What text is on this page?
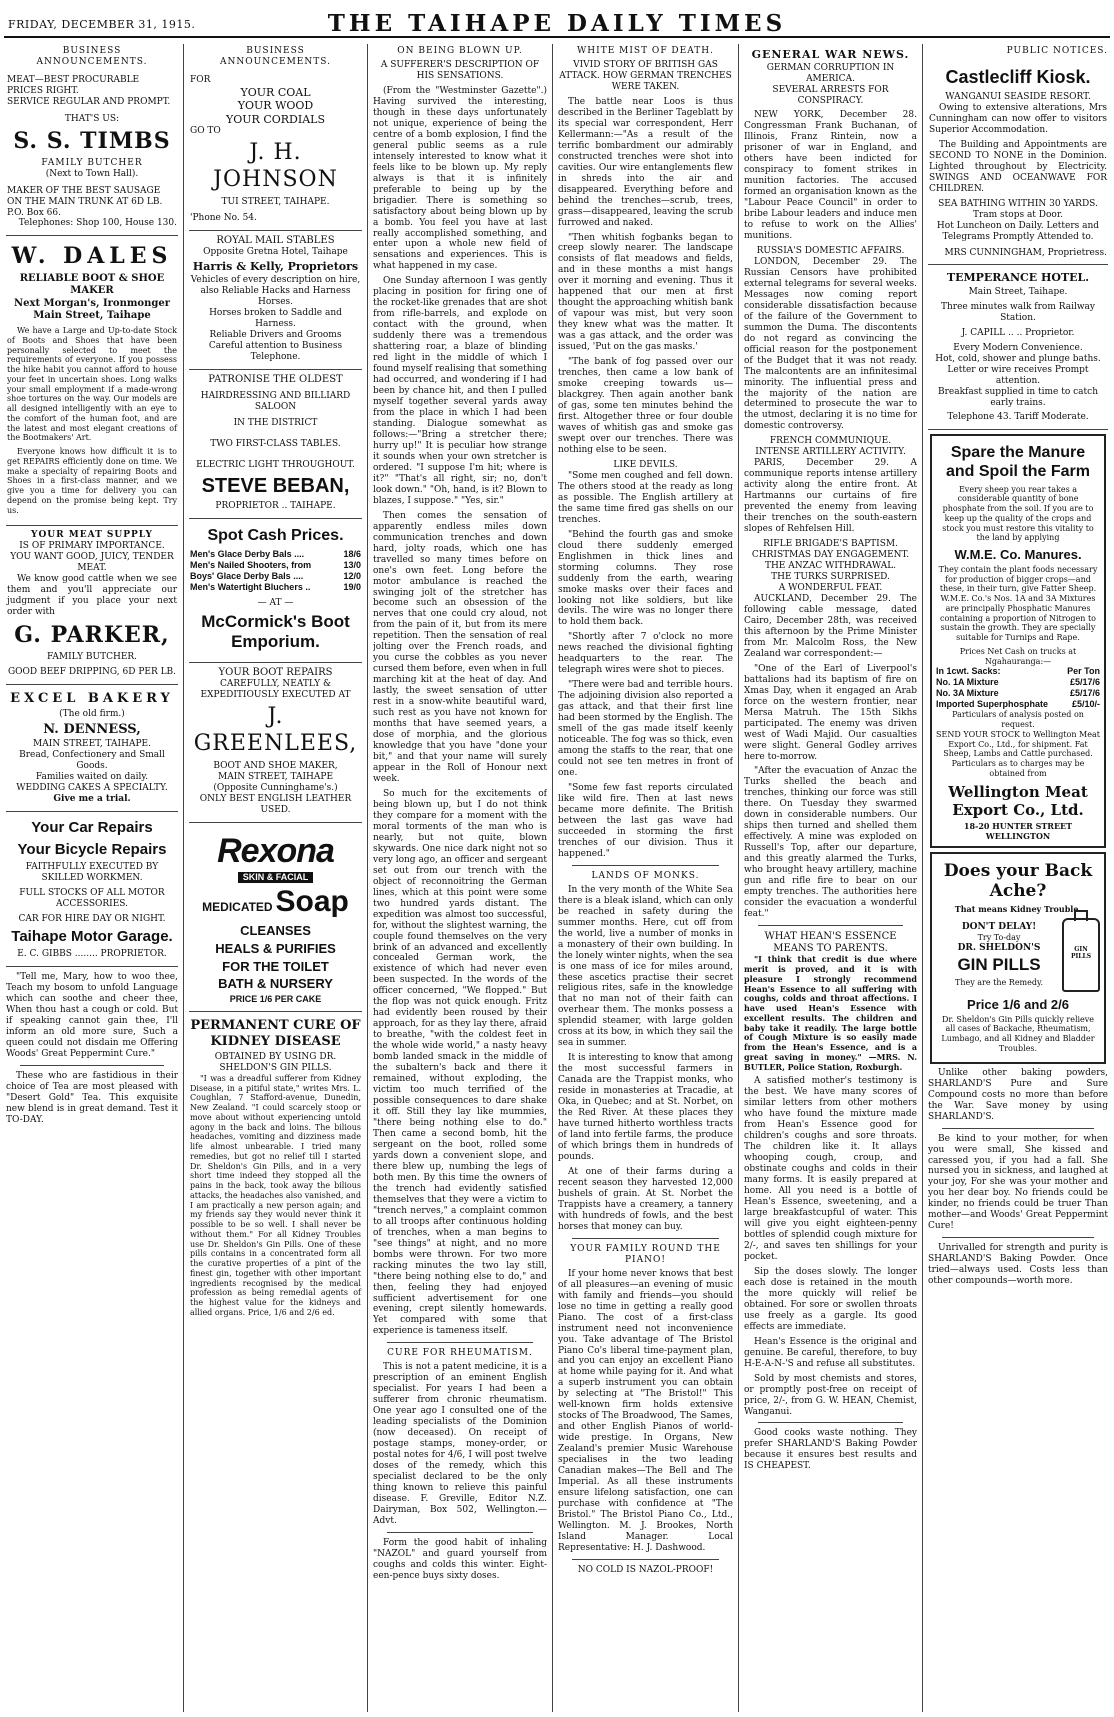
FRIDAY, DECEMBER 31, 1915.	THE TAIHAPE DAILY TIMES
BUSINESS ANNOUNCEMENTS.
MEAT—BEST PROCURABLE
PRICES RIGHT.
SERVICE REGULAR AND PROMPT.
THAT'S US:
S. S. TIMBS
FAMILY BUTCHER
(Next to Town Hall).
MAKER OF THE BEST SAUSAGE ON THE MAIN TRUNK AT 6D LB.
P.O. Box 66.
Telephones: Shop 100, House 130.
W. DALES
RELIABLE BOOT & SHOE MAKER
Next Morgan's, Ironmonger
Main Street, Taihape

We have a Large and Up-to-date Stock of Boots and Shoes that have been personally selected to meet the requirements of everyone. If you possess the hike habit you cannot afford to house your feet in uncertain shoes. Long walks your small employment if a made-wrong shoe tortures on the way. Our models are all designed intelligently with an eye to the comfort of the human foot, and are the latest and most elegant creations of the Bootmakers' Art.

Everyone knows how difficult it is to get REPAIRS efficiently done on time. We make a specialty of repairing Boots and Shoes in a first-class manner, and we give you a time for delivery you can depend on the promise being kept. Try us.

YOUR MEAT SUPPLY
IS OF PRIMARY IMPORTANCE.
YOU WANT GOOD, JUICY, TENDER MEAT.

We know good cattle when we see them and you'll appreciate our judgment if you place your next order with

G. PARKER,
FAMILY BUTCHER.
GOOD BEEF DRIPPING, 6D PER LB.
EXCEL BAKERY
(The old firm.)
N. DENNESS,
MAIN STREET, TAIHAPE.
Bread, Confectionery and Small Goods.
Families waited on daily.
WEDDING CAKES A SPECIALTY.
Give me a trial.
Your Car Repairs
Your Bicycle Repairs
FAITHFULLY EXECUTED BY SKILLED WORKMEN.
FULL STOCKS OF ALL MOTOR ACCESSORIES.
CAR FOR HIRE DAY OR NIGHT.
Taihape Motor Garage.
E. C. GIBBS ........ PROPRIETOR.

"Tell me, Mary, how to woo thee, Teach my bosom to unfold Language which can soothe and cheer thee, When thou hast a cough or cold. But if speaking cannot gain thee, I'll inform an old more sure, Such a queen could not disdain me Offering Woods' Great Peppermint Cure."

These who are fastidious in their choice of Tea are most pleased with "Desert Gold" Tea. This exquisite new blend is in great demand. Test it TO-DAY.

BUSINESS ANNOUNCEMENTS.
FOR
YOUR COAL
YOUR WOOD
YOUR CORDIALS
GO TO
J. H. JOHNSON
TUI STREET, TAIHAPE.
'Phone No. 54.
ROYAL MAIL STABLES
Opposite Gretna Hotel, Taihape
Harris & Kelly, Proprietors
Vehicles of every description on hire, also Reliable Hacks and Harness Horses.
Horses broken to Saddle and Harness.
Reliable Drivers and Grooms
Careful attention to Business Telephone.
PATRONISE THE OLDEST
HAIRDRESSING AND BILLIARD SALOON
IN THE DISTRICT
TWO FIRST-CLASS TABLES.
ELECTRIC LIGHT THROUGHOUT.
STEVE BEBAN,
PROPRIETOR .. TAIHAPE.
Spot Cash Prices.
Men's Glace Derby Bals ....	18/6
Men's Nailed Shooters, from	13/0
Boys' Glace Derby Bals ....	12/0
Men's Watertight Bluchers ..	19/0
— AT —
McCormick's Boot Emporium.
YOUR BOOT REPAIRS
CAREFULLY, NEATLY & EXPEDITIOUSLY EXECUTED AT
J. GREENLEES,
BOOT AND SHOE MAKER,
MAIN STREET, TAIHAPE
(Opposite Cunninghame's.)
ONLY BEST ENGLISH LEATHER USED.
Rexona
SKIN & FACIAL
MEDICATED Soap
CLEANSES
HEALS & PURIFIES
FOR THE TOILET
BATH & NURSERY
PRICE 1/6 PER CAKE
PERMANENT CURE OF KIDNEY DISEASE
OBTAINED BY USING DR. SHELDON'S GIN PILLS.

"I was a dreadful sufferer from Kidney Disease, in a pitiful state," writes Mrs. L. Coughlan, 7 Stafford-avenue, Dunedin, New Zealand. "I could scarcely stoop or move about without experiencing untold agony in the back and loins. The bilious headaches, vomiting and dizziness made life almost unbearable. I tried many remedies, but got no relief till I started Dr. Sheldon's Gin Pills, and in a very short time indeed they stopped all the pains in the back, took away the bilious attacks, the headaches also vanished, and I am practically a new person again; and my friends say they would never think it possible to be so well. I shall never be without them." For all Kidney Troubles use Dr. Sheldon's Gin Pills. One of these pills contains in a concentrated form all the curative properties of a pint of the finest gin, together with other important ingredients recognised by the medical profession as being remedial agents of the highest value for the kidneys and allied organs. Price, 1/6 and 2/6 ed.

ON BEING BLOWN UP.
A SUFFERER'S DESCRIPTION OF HIS SENSATIONS.

(From the "Westminster Gazette".) Having survived the interesting, though in these days unfortunately not unique, experience of being the centre of a bomb explosion, I find the general public seems as a rule intensely interested to know what it feels like to be blown up. My reply always is that it is infinitely preferable to being up by the brigadier. There is something so satisfactory about being blown up by a bomb. You feel you have at last really accomplished something, and enter upon a whole new field of sensations and experiences. This is what happened in my case.

One Sunday afternoon I was gently placing in position for firing one of the rocket-like grenades that are shot from rifle-barrels, and explode on contact with the ground, when suddenly there was a tremendous shattering roar, a blaze of blinding red light in the middle of which I found myself realising that something had occurred, and wondering if I had been by chance hit, and then I pulled myself together several yards away from the place in which I had been standing. Dialogue somewhat as follows:—"Bring a stretcher there; hurry up!" It is peculiar how strange it sounds when your own stretcher is ordered. "I suppose I'm hit; where is it?" "That's all right, sir; no, don't look down." "Oh, hand, is it? Blown to blazes, I suppose." "Yes, sir."

Then comes the sensation of apparently endless miles down communication trenches and down hard, jolty roads, which one has travelled so many times before on one's own feet. Long before the motor ambulance is reached the swinging jolt of the stretcher has become such an obsession of the nerves that one could cry aloud, not from the pain of it, but from its mere repetition. Then the sensation of real jolting over the French roads, and you curse the cobbles as you never cursed them before, even when in full marching kit at the heat of day. And lastly, the sweet sensation of utter rest in a snow-white beautiful ward, such rest as you have not known for months that have seemed years, a dose of morphia, and the glorious knowledge that you have "done your bit," and that your name will surely appear in the Roll of Honour next week.

So much for the excitements of being blown up, but I do not think they compare for a moment with the moral torments of the man who is nearly, but not quite, blown skywards. One nice dark night not so very long ago, an officer and sergeant set out from our trench with the object of reconnoitring the German lines, which at this point were some two hundred yards distant. The expedition was almost too successful, for, without the slightest warning, the couple found themselves on the very brink of an advanced and excellently concealed German work, the existence of which had never even been suspected. In the words of the officer concerned, "We flopped." But the flop was not quick enough. Fritz had evidently been roused by their approach, for as they lay there, afraid to breathe, "with the coldest feet in the whole wide world," a nasty heavy bomb landed smack in the middle of the subaltern's back and there it remained, without exploding, the victim too much terrified of the possible consequences to dare shake it off. Still they lay like mummies, "there being nothing else to do." Then came a second bomb, hit the sergeant on the boot, rolled some yards down a convenient slope, and there blew up, numbing the legs of both men. By this time the owners of the trench had evidently satisfied themselves that they were a victim to "trench nerves," a complaint common to all troops after continuous holding of trenches, when a man begins to "see things" at night, and no more bombs were thrown. For two more racking minutes the two lay still, "there being nothing else to do," and then, feeling they had enjoyed sufficient advertisement for one evening, crept silently homewards. Yet compared with some that experience is tameness itself.

CURE FOR RHEUMATISM.

This is not a patent medicine, it is a prescription of an eminent English specialist. For years I had been a sufferer from chronic rheumatism. One year ago I consulted one of the leading specialists of the Dominion (now deceased). On receipt of postage stamps, money-order, or postal notes for 4/6, I will post twelve doses of the remedy, which this specialist declared to be the only thing known to relieve this painful disease. F. Greville, Editor N.Z. Dairyman, Box 502, Wellington.—Advt.

Form the good habit of inhaling "NAZOL" and guard yourself from coughs and colds this winter. Eight-een-pence buys sixty doses.

WHITE MIST OF DEATH.
VIVID STORY OF BRITISH GAS ATTACK. HOW GERMAN TRENCHES WERE TAKEN.

The battle near Loos is thus described in the Berliner Tageblatt by its special war correspondent, Herr Kellermann:—"As a result of the terrific bombardment our admirably constructed trenches were shot into cavities. Our wire entanglements flew in shreds into the air and disappeared. Everything before and behind the trenches—scrub, trees, grass—disappeared, leaving the scrub furrowed and naked.

"Then whitish fogbanks began to creep slowly nearer. The landscape consists of flat meadows and fields, and in these months a mist hangs over it morning and evening. Thus it happened that our men at first thought the approaching whitish bank of vapour was mist, but very soon they knew what was the matter. It was a gas attack, and the order was issued, 'Put on the gas masks.'

"The bank of fog passed over our trenches, then came a low bank of smoke creeping towards us—blackgrey. Then again another bank of gas, some ten minutes behind the first. Altogether three or four double waves of whitish gas and smoke gas swept over our trenches. There was nothing else to be seen.

LIKE DEVILS.

"Some men coughed and fell down. The others stood at the ready as long as possible. The English artillery at the same time fired gas shells on our trenches.

"Behind the fourth gas and smoke cloud there suddenly emerged Englishmen in thick lines and storming columns. They rose suddenly from the earth, wearing smoke masks over their faces and looking not like soldiers, but like devils. The wire was no longer there to hold them back.

"Shortly after 7 o'clock no more news reached the divisional fighting headquarters to the rear. The telegraph wires were shot to pieces.

"There were bad and terrible hours. The adjoining division also reported a gas attack, and that their first line had been stormed by the English. The smell of the gas made itself keenly noticeable. The fog was so thick, even among the staffs to the rear, that one could not see ten metres in front of one.

"Some few fast reports circulated like wild fire. Then at last news became more definite. The British between the last gas wave had succeeded in storming the first trenches of our division. Thus it happened."

LANDS OF MONKS.

In the very month of the White Sea there is a bleak island, which can only be reached in safety during the summer months. Here, cut off from the world, live a number of monks in a monastery of their own building. In the lonely winter nights, when the sea is one mass of ice for miles around, these ascetics practise their secret religious rites, safe in the knowledge that no man not of their faith can overhear them. The monks possess a splendid steamer, with large golden cross at its bow, in which they sail the sea in summer.

It is interesting to know that among the most successful farmers in Canada are the Trappist monks, who reside in monasteries at Tracadie, at Oka, in Quebec; and at St. Norbet, on the Red River. At these places they have turned hitherto worthless tracts of land into fertile farms, the produce of which brings them in hundreds of pounds.

At one of their farms during a recent season they harvested 12,000 bushels of grain. At St. Norbet the Trappists have a creamery, a tannery with hundreds of fowls, and the best horses that money can buy.

YOUR FAMILY ROUND THE PIANO!

If your home never knows that best of all pleasures—an evening of music with family and friends—you should lose no time in getting a really good Piano. The cost of a first-class instrument need not inconvenience you. Take advantage of The Bristol Piano Co's liberal time-payment plan, and you can enjoy an excellent Piano at home while paying for it. And what a superb instrument you can obtain by selecting at "The Bristol!" This well-known firm holds extensive stocks of The Broadwood, The Sames, and other English Pianos of world-wide prestige. In Organs, New Zealand's premier Music Warehouse specialises in the two leading Canadian makes—The Bell and The Imperial. As all these instruments ensure lifelong satisfaction, one can purchase with confidence at "The Bristol." The Bristol Piano Co., Ltd., Wellington. M. J. Brookes, North Island Manager. Local Representative: H. J. Dashwood.

NO COLD IS NAZOL-PROOF!
GENERAL WAR NEWS.
GERMAN CORRUPTION IN AMERICA.
SEVERAL ARRESTS FOR CONSPIRACY.

NEW YORK, December 28. Congressman Frank Buchanan, of Illinois, Franz Rintein, now a prisoner of war in England, and others have been indicted for conspiracy to foment strikes in munition factories. The accused formed an organisation known as the "Labour Peace Council" in order to bribe Labour leaders and induce men to refuse to work on the Allies' munitions.

RUSSIA'S DOMESTIC AFFAIRS.

LONDON, December 29. The Russian Censors have prohibited external telegrams for several weeks. Messages now coming report considerable dissatisfaction because of the failure of the Government to summon the Duma. The discontents do not regard as convincing the official reason for the postponement of the Budget that it was not ready. The malcontents are an infinitesimal minority. The influential press and the majority of the nation are determined to prosecute the war to the utmost, declaring it is no time for domestic controversy.

FRENCH COMMUNIQUE.
INTENSE ARTILLERY ACTIVITY.

PARIS, December 29. A communique reports intense artillery activity along the entire front. At Hartmanns our curtains of fire prevented the enemy from leaving their trenches on the south-eastern slopes of Rehfelsen Hill.

RIFLE BRIGADE'S BAPTISM.
CHRISTMAS DAY ENGAGEMENT.
THE ANZAC WITHDRAWAL.
THE TURKS SURPRISED.
A WONDERFUL FEAT.

AUCKLAND, December 29. The following cable message, dated Cairo, December 28th, was received this afternoon by the Prime Minister from Mr. Malcolm Ross, the New Zealand war correspondent:—

"One of the Earl of Liverpool's battalions had its baptism of fire on Xmas Day, when it engaged an Arab force on the western frontier, near Mersa Matruh. The 15th Sikhs participated. The enemy was driven west of Wadi Majid. Our casualties were slight. General Godley arrives here to-morrow.

"After the evacuation of Anzac the Turks shelled the beach and trenches, thinking our force was still there. On Tuesday they swarmed down in considerable numbers. Our ships then turned and shelled them effectively. A mine was exploded on Russell's Top, after our departure, and this greatly alarmed the Turks, who brought heavy artillery, machine gun and rifle fire to bear on our empty trenches. The authorities here consider the evacuation a wonderful feat."

WHAT HEAN'S ESSENCE MEANS TO PARENTS.

"I think that credit is due where merit is proved, and it is with pleasure I strongly recommend Hean's Essence to all suffering with coughs, colds and throat affections. I have used Hean's Essence with excellent results. The children and baby take it readily. The large bottle of Cough Mixture is so easily made from the Hean's Essence, and is a great saving in money." —MRS. N. BUTLER, Police Station, Roxburgh.

A satisfied mother's testimony is the best. We have many scores of similar letters from other mothers who have found the mixture made from Hean's Essence good for children's coughs and sore throats. The children like it. It allays whooping cough, croup, and obstinate coughs and colds in their many forms. It is easily prepared at home. All you need is a bottle of Hean's Essence, sweetening, and a large breakfastcupful of water. This will give you eight eighteen-penny bottles of splendid cough mixture for 2/-, and saves ten shillings for your pocket.

Sip the doses slowly. The longer each dose is retained in the mouth the more quickly will relief be obtained. For sore or swollen throats use freely as a gargle. Its good effects are immediate.

Hean's Essence is the original and genuine. Be careful, therefore, to buy H-E-A-N-'S and refuse all substitutes.

Sold by most chemists and stores, or promptly post-free on receipt of price, 2/-, from G. W. HEAN, Chemist, Wanganui.

Good cooks waste nothing. They prefer SHARLAND'S Baking Powder because it ensures best results and IS CHEAPEST.

PUBLIC NOTICES.
Castlecliff Kiosk.
WANGANUI SEASIDE RESORT.

Owing to extensive alterations, Mrs Cunningham can now offer to visitors Superior Accommodation.

The Building and Appointments are SECOND TO NONE in the Dominion. Lighted throughout by Electricity. SWINGS AND OCEANWAVE FOR CHILDREN.

SEA BATHING WITHIN 30 YARDS.
Tram stops at Door.
Hot Luncheon on Daily. Letters and Telegrams Promptly Attended to.
MRS CUNNINGHAM, Proprietress.
TEMPERANCE HOTEL.
Main Street, Taihape.
Three minutes walk from Railway Station.
J. CAPILL .. .. Proprietor.
Every Modern Convenience.
Hot, cold, shower and plunge baths.
Letter or wire receives Prompt attention.
Breakfast supplied in time to catch early trains.
Telephone 43. Tariff Moderate.
Spare the Manure and Spoil the Farm

Every sheep you rear takes a considerable quantity of bone phosphate from the soil. If you are to keep up the quality of the crops and stock you must restore this vitality to the land by applying

W.M.E. Co. Manures.

They contain the plant foods necessary for production of bigger crops—and these, in their turn, give Fatter Sheep. W.M.E. Co.'s Nos. 1A and 3A Mixtures are principally Phosphatic Manures containing a proportion of Nitrogen to sustain the growth. They are specially suitable for Turnips and Rape.

Prices Net Cash on trucks at Ngahauranga:—
In 1cwt. Sacks:	Per Ton
No. 1A Mixture	£5/17/6
No. 3A Mixture	£5/17/6
Imported Superphosphate	£5/10/-
Particulars of analysis posted on request.

SEND YOUR STOCK to Wellington Meat Export Co., Ltd., for shipment. Fat Sheep, Lambs and Cattle purchased. Particulars as to charges may be obtained from

Wellington Meat Export Co., Ltd.
18-20 HUNTER STREET WELLINGTON
Does your Back Ache?
That means Kidney Trouble.
DON'T DELAY!
Try To-day
DR. SHELDON'S
GIN PILLS
They are the Remedy.
GIN PILLS
Price 1/6 and 2/6

Dr. Sheldon's Gin Pills quickly relieve all cases of Backache, Rheumatism, Lumbago, and all Kidney and Bladder Troubles.

Unlike other baking powders, SHARLAND'S Pure and Sure Compound costs no more than before the War. Save money by using SHARLAND'S.

Be kind to your mother, for when you were small, She kissed and caressed you, if you had a fall. She nursed you in sickness, and laughed at your joy, For she was your mother and you her dear boy. No friends could be kinder, no friends could be truer Than mother—and Woods' Great Peppermint Cure!

Unrivalled for strength and purity is SHARLAND'S Baking Powder. Once tried—always used. Costs less than other compounds—worth more.
